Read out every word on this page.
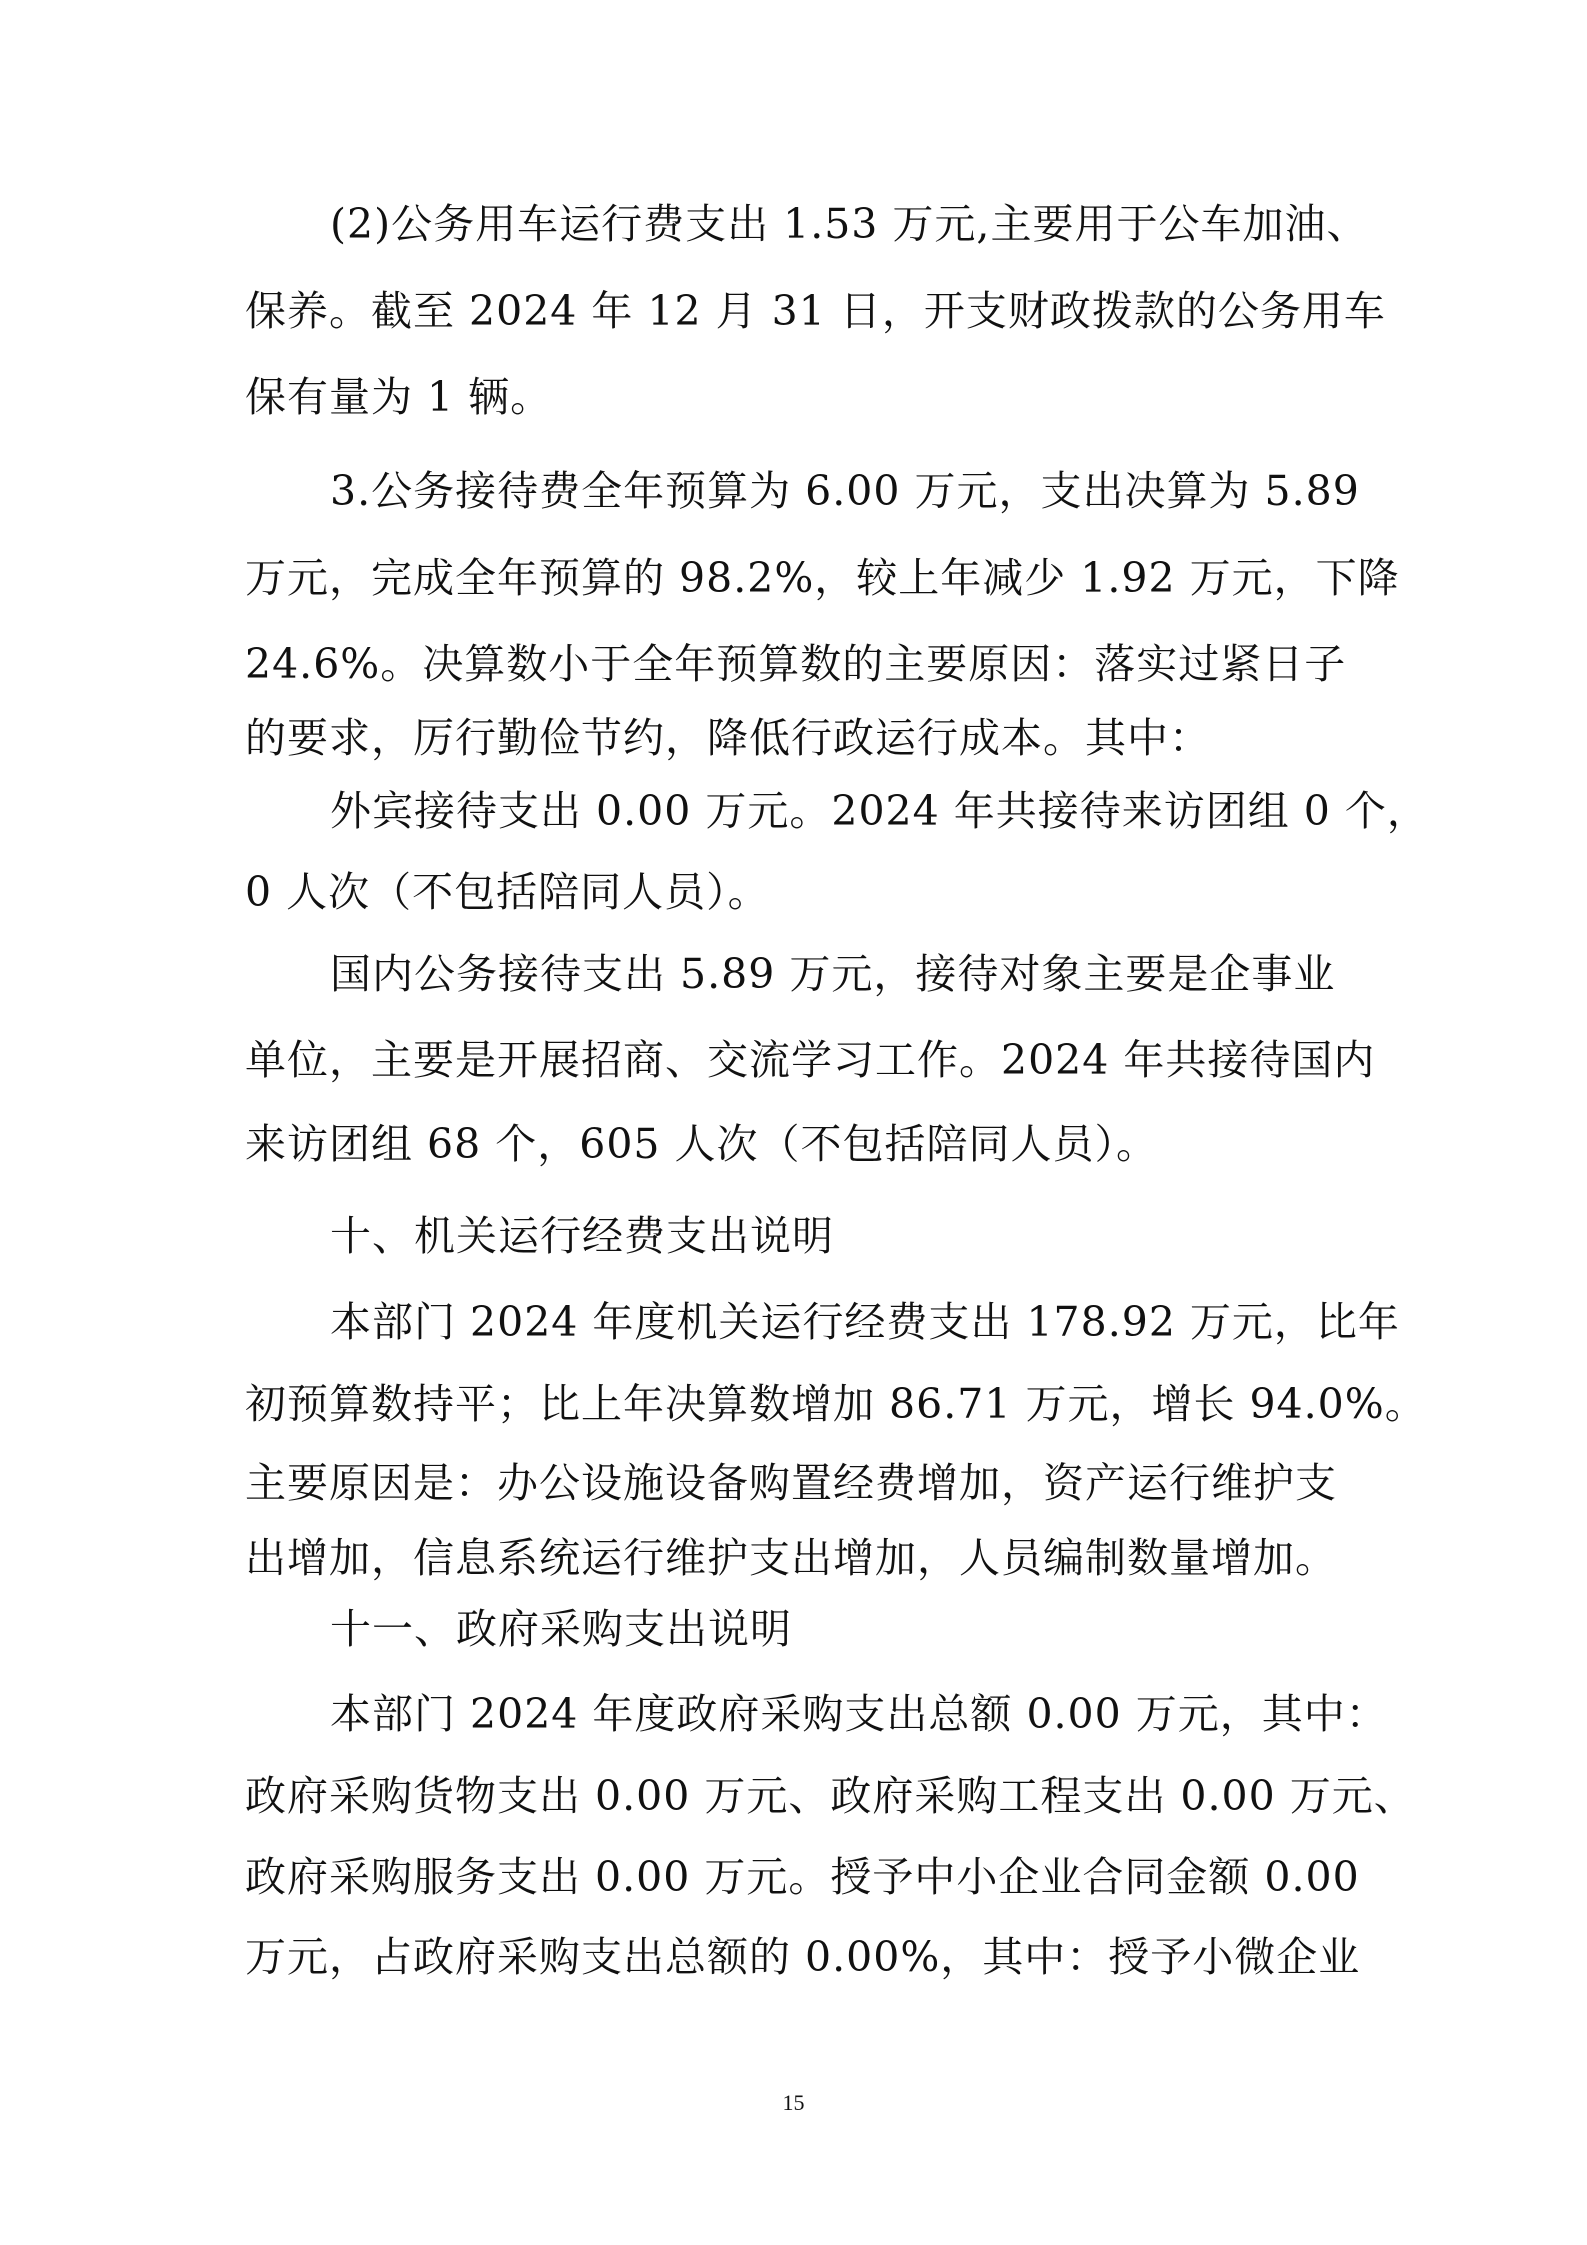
(2)公务用车运行费支出 1.53 万元,主要用于公车加油、
保养。截至 2024 年 12 月 31 日，开支财政拨款的公务用车
保有量为 1 辆。
3.公务接待费全年预算为 6.00 万元，支出决算为 5.89
万元，完成全年预算的 98.2%，较上年减少 1.92 万元，下降
24.6%。决算数小于全年预算数的主要原因：落实过紧日子
的要求，厉行勤俭节约，降低行政运行成本。其中：
外宾接待支出 0.00 万元。2024 年共接待来访团组 0 个，
0 人次（不包括陪同人员）。
国内公务接待支出 5.89 万元，接待对象主要是企事业
单位，主要是开展招商、交流学习工作。2024 年共接待国内
来访团组 68 个，605 人次（不包括陪同人员）。
十、机关运行经费支出说明
本部门 2024 年度机关运行经费支出 178.92 万元，比年
初预算数持平；比上年决算数增加 86.71 万元，增长 94.0%。
主要原因是：办公设施设备购置经费增加，资产运行维护支
出增加，信息系统运行维护支出增加，人员编制数量增加。
十一、政府采购支出说明
本部门 2024 年度政府采购支出总额 0.00 万元，其中：
政府采购货物支出 0.00 万元、政府采购工程支出 0.00 万元、
政府采购服务支出 0.00 万元。授予中小企业合同金额 0.00
万元，占政府采购支出总额的 0.00%，其中：授予小微企业
15
